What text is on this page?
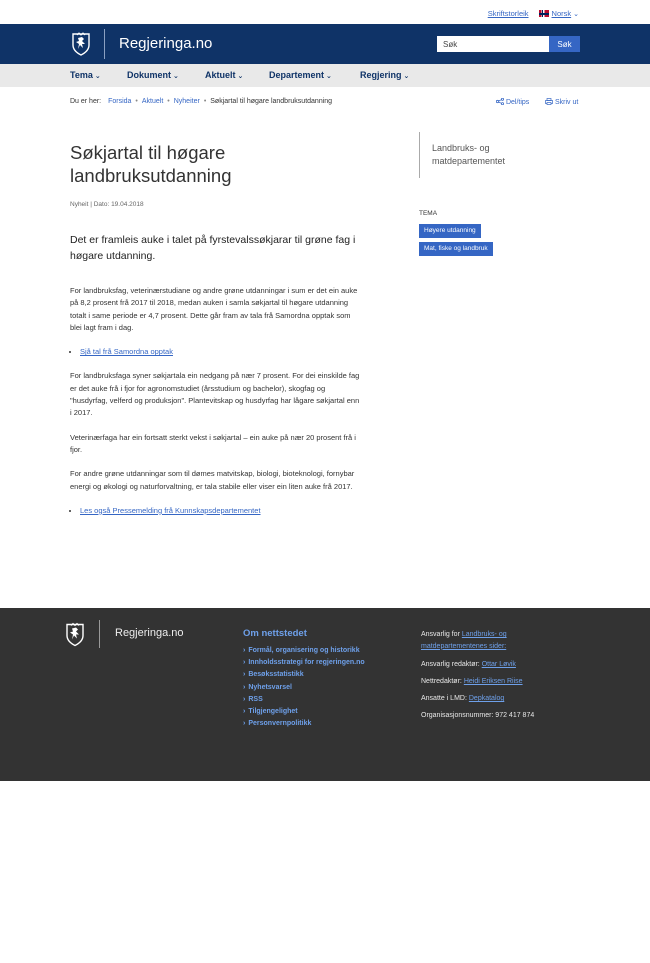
Skriftstorleik	Norsk ⌄
Regjeringa.no
Søk	Søk
Tema ⌄	Dokument ⌄	Aktuelt ⌄	Departement ⌄	Regjering ⌄
Du er her: Forsida • Aktuelt • Nyheiter • Søkjartal til høgare landbruksutdanning	Del/tips	Skriv ut
Søkjartal til høgare landbruksutdanning
Nyheit | Dato: 19.04.2018

Det er framleis auke i talet på fyrstevalssøkjarar til grøne fag i høgare utdanning.

For landbruksfag, veterinærstudiane og andre grøne utdanningar i sum er det ein auke på 8,2 prosent frå 2017 til 2018, medan auken i samla søkjartal til høgare utdanning totalt i same periode er 4,7 prosent. Dette går fram av tala frå Samordna opptak som blei lagt fram i dag.

• Sjå tal frå Samordna opptak

For landbruksfaga syner søkjartala ein nedgang på nær 7 prosent. For dei einskilde fag er det auke frå i fjor for agronomstudiet (årsstudium og bachelor), skogfag og "husdyrfag, velferd og produksjon". Plantevitskap og husdyrfag har lågare søkjartal enn i 2017.

Veterinærfaga har ein fortsatt sterkt vekst i søkjartal – ein auke på nær 20 prosent frå i fjor.

For andre grøne utdanningar som til dømes matvitskap, biologi, bioteknologi, fornybar energi og økologi og naturforvaltning, er tala stabile eller viser ein liten auke frå 2017.

• Les også Pressemelding frå Kunnskapsdepartementet
Landbruks- og matdepartementet
TEMA
Høyere utdanning
Mat, fiske og landbruk
Regjeringa.no	Om nettstedet
› Formål, organisering og historikk
› Innholdsstrategi for regjeringen.no
› Besøksstatistikk
› Nyhetsvarsel
› RSS
› Tilgjengelighet
› Personvernpolitikk
Ansvarlig for Landbruks- og matdepartementenes sider:
Ansvarlig redaktør: Ottar Løvik
Nettredaktør: Heidi Eriksen Riise
Ansatte i LMD: Depkatalog
Organisasjonsnummer: 972 417 874
